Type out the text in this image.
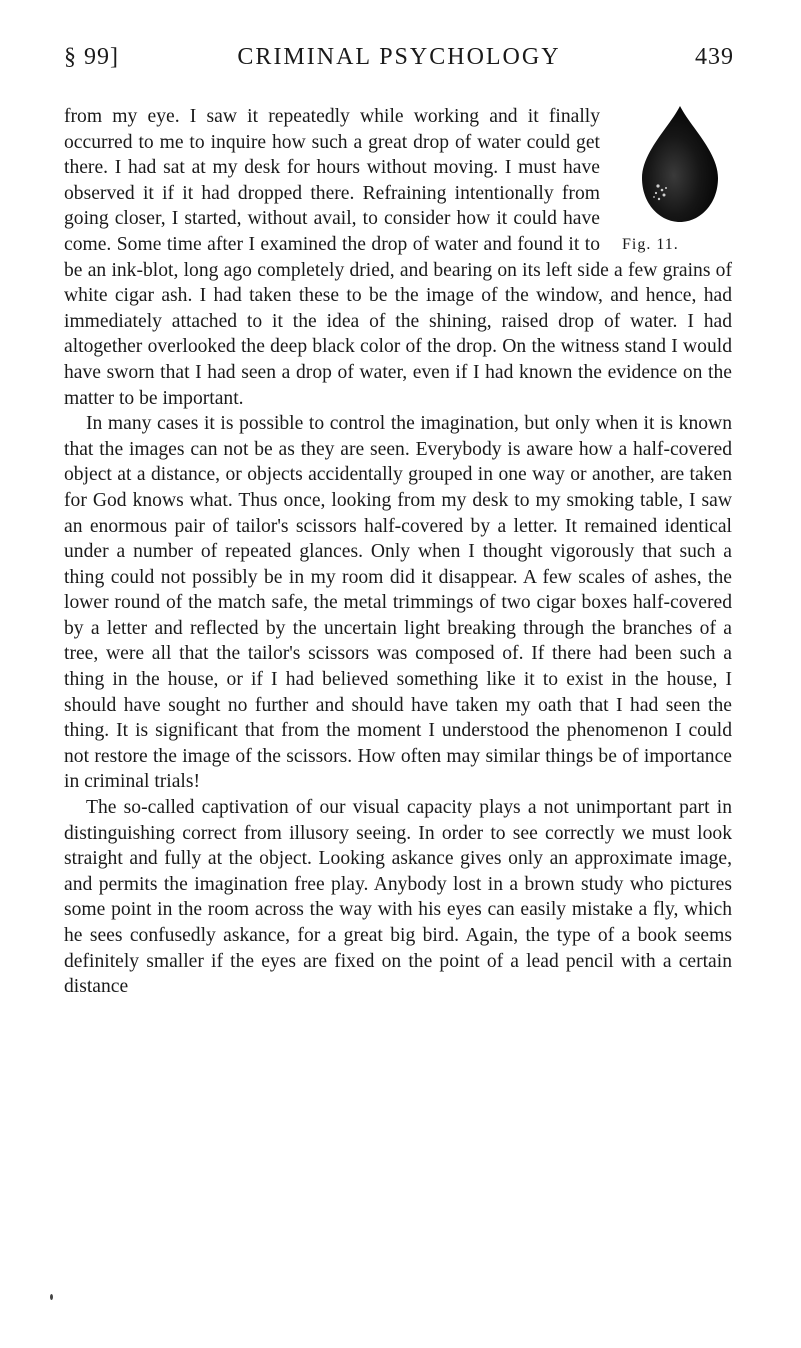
§ 99]	CRIMINAL PSYCHOLOGY	439

Fig. 11.
from my eye. I saw it repeatedly while working and it finally occurred to me to inquire how such a great drop of water could get there. I had sat at my desk for hours without moving. I must have observed it if it had dropped there. Refraining intentionally from going closer, I started, without avail, to consider how it could have come. Some time after I examined the drop of water and found it to be an ink-blot, long ago completely dried, and bearing on its left side a few grains of white cigar ash. I had taken these to be the image of the window, and hence, had immediately attached to it the idea of the shining, raised drop of water. I had altogether overlooked the deep black color of the drop. On the witness stand I would have sworn that I had seen a drop of water, even if I had known the evidence on the matter to be important.

In many cases it is possible to control the imagination, but only when it is known that the images can not be as they are seen. Everybody is aware how a half-covered object at a distance, or objects accidentally grouped in one way or another, are taken for God knows what. Thus once, looking from my desk to my smoking table, I saw an enormous pair of tailor's scissors half-covered by a letter. It remained identical under a number of repeated glances. Only when I thought vigorously that such a thing could not possibly be in my room did it disappear. A few scales of ashes, the lower round of the match safe, the metal trimmings of two cigar boxes half-covered by a letter and reflected by the uncertain light breaking through the branches of a tree, were all that the tailor's scissors was composed of. If there had been such a thing in the house, or if I had believed something like it to exist in the house, I should have sought no further and should have taken my oath that I had seen the thing. It is significant that from the moment I understood the phenomenon I could not restore the image of the scissors. How often may similar things be of importance in criminal trials!

The so-called captivation of our visual capacity plays a not unimportant part in distinguishing correct from illusory seeing. In order to see correctly we must look straight and fully at the object. Looking askance gives only an approximate image, and permits the imagination free play. Anybody lost in a brown study who pictures some point in the room across the way with his eyes can easily mistake a fly, which he sees confusedly askance, for a great big bird. Again, the type of a book seems definitely smaller if the eyes are fixed on the point of a lead pencil with a certain distance
